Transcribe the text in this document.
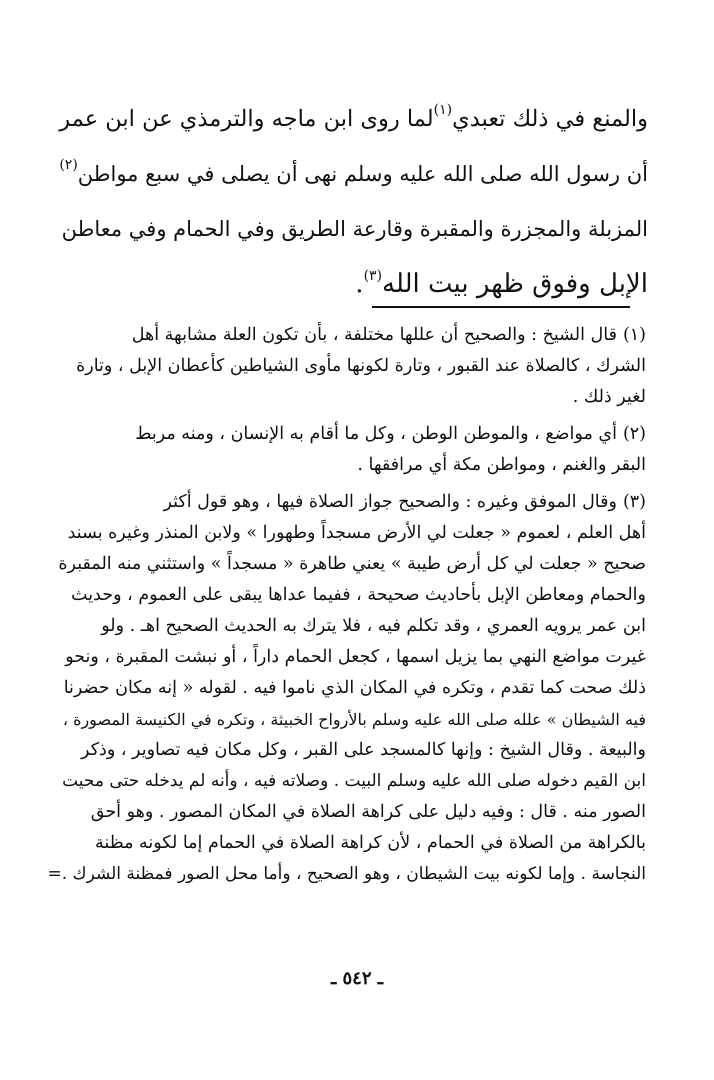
والمنع في ذلك تعبدي$^{(١)}$لما روى ابن ماجه والترمذي عن ابن عمر
أن رسول الله صلى الله عليه وسلم نهى أن يصلى في سبع مواطن$^{(٢)}$
المزبلة والمجزرة والمقبرة وقارعة الطريق وفي الحمام وفي معاطن
الإبل وفوق ظهر بيت الله$^{(٣)}$.
(١)قال الشيخ : والصحيح أن عللها مختلفة ، بأن تكون العلة مشابهة أهل
الشرك ، كالصلاة عند القبور ، وتارة لكونها مأوى الشياطين كأعطان الإبل ، وتارة
لغير ذلك .
(٢)أي مواضع ، والموطن الوطن ، وكل ما أقام به الإنسان ، ومنه مربط
البقر والغنم ، ومواطن مكة أي مرافقها .
(٣)وقال الموفق وغيره : والصحيح جواز الصلاة فيها ، وهو قول أكثر
أهل العلم ، لعموم « جعلت لي الأرض مسجداً وطهورا » ولابن المنذر وغيره بسند
صحيح « جعلت لي كل أرض طيبة » يعني طاهرة « مسجداً » واستثني منه المقبرة
والحمام ومعاطن الإبل بأحاديث صحيحة ، ففيما عداها يبقى على العموم ، وحديث
ابن عمر يرويه العمري ، وقد تكلم فيه ، فلا يترك به الحديث الصحيح اهـ . ولو
غيرت مواضع النهي بما يزيل اسمها ، كجعل الحمام داراً ، أو نبشت المقبرة ، ونحو
ذلك صحت كما تقدم ، وتكره في المكان الذي ناموا فيه . لقوله « إنه مكان حضرنا
فيه الشيطان » علله صلى الله عليه وسلم بالأرواح الخبيثة ، وتكره في الكنيسة المصورة ،
والبيعة . وقال الشيخ : وإنها كالمسجد على القبر ، وكل مكان فيه تصاوير ، وذكر
ابن القيم دخوله صلى الله عليه وسلم البيت . وصلاته فيه ، وأنه لم يدخله حتى محيت
الصور منه . قال : وفيه دليل على كراهة الصلاة في المكان المصور . وهو أحق
بالكراهة من الصلاة في الحمام ، لأن كراهة الصلاة في الحمام إما لكونه مظنة
النجاسة . وإما لكونه بيت الشيطان ، وهو الصحيح ، وأما محل الصور فمظنة الشرك .=
ـ ٥٤٢ ـ
